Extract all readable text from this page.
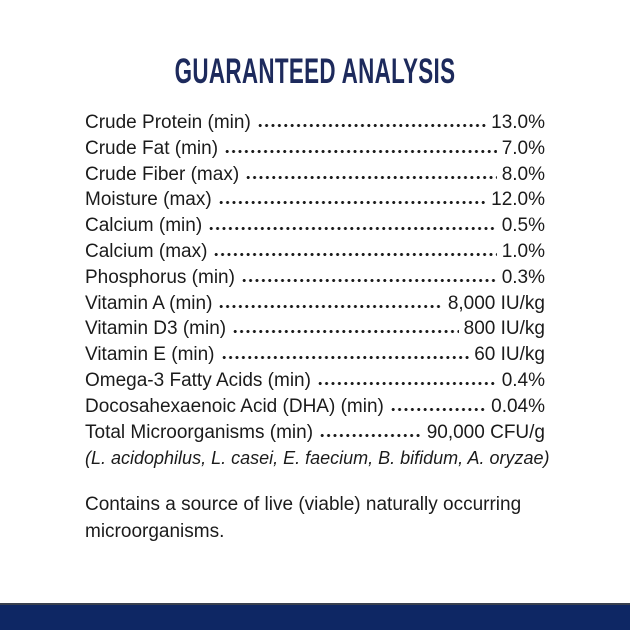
GUARANTEED ANALYSIS
Crude Protein (min)	13.0%
Crude Fat (min)	7.0%
Crude Fiber (max)	8.0%
Moisture (max)	12.0%
Calcium (min)	0.5%
Calcium (max)	1.0%
Phosphorus (min)	0.3%
Vitamin A (min)	8,000 IU/kg
Vitamin D3 (min)	800 IU/kg
Vitamin E (min)	60 IU/kg
Omega-3 Fatty Acids (min)	0.4%
Docosahexaenoic Acid (DHA) (min)	0.04%
Total Microorganisms (min)	90,000 CFU/g
(L. acidophilus, L. casei, E. faecium, B. bifidum, A. oryzae)
Contains a source of live (viable) naturally occurring microorganisms.
